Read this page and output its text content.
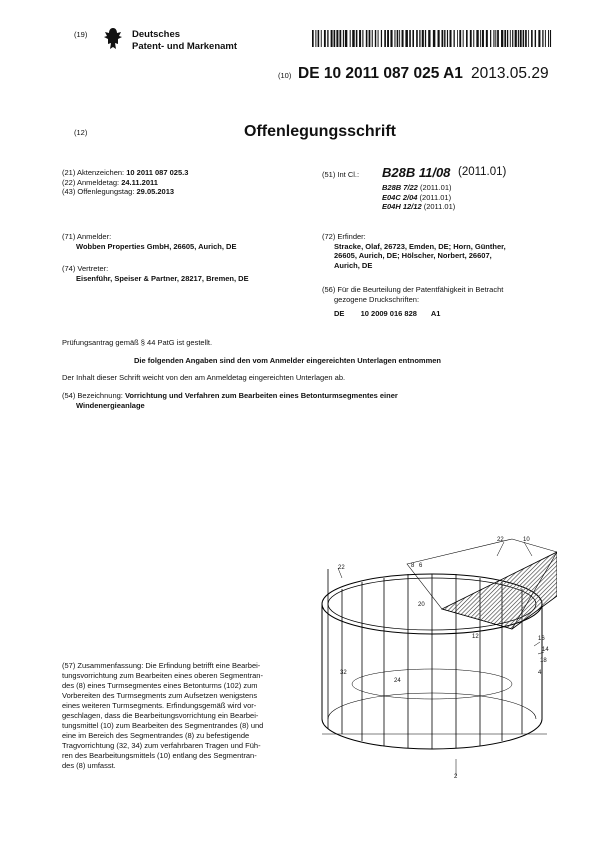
(19)	Deutsches
Patent- und Markenamt
(10) DE 10 2011 087 025 A1 2013.05.29
(12)	Offenlegungsschrift
(21) Aktenzeichen: 10 2011 087 025.3
(22) Anmeldetag: 24.11.2011
(43) Offenlegungstag: 29.05.2013
(51) Int Cl.: B28B 11/08 (2011.01)
B28B 7/22 (2011.01)
E04C 2/04 (2011.01)
E04H 12/12 (2011.01)
(71) Anmelder:
Wobben Properties GmbH, 26605, Aurich, DE
(74) Vertreter:
Eisenführ, Speiser & Partner, 28217, Bremen, DE
(72) Erfinder:
Stracke, Olaf, 26723, Emden, DE; Horn, Günther,
26605, Aurich, DE; Hölscher, Norbert, 26607,
Aurich, DE
(56) Für die Beurteilung der Patentfähigkeit in Betracht
gezogene Druckschriften:
DE 10 2009 016 828 A1
Prüfungsantrag gemäß § 44 PatG ist gestellt.
Die folgenden Angaben sind den vom Anmelder eingereichten Unterlagen entnommen
Der Inhalt dieser Schrift weicht von den am Anmeldetag eingereichten Unterlagen ab.
(54) Bezeichnung: Vorrichtung und Verfahren zum Bearbeiten eines Betonturmsegmentes einer
Windenergieanlage
(57) Zusammenfassung: Die Erfindung betrifft eine Bearbei-
tungsvorrichtung zum Bearbeiten eines oberen Segmentran-
des (8) eines Turmsegmentes eines Betonturms (102) zum
Vorbereiten des Turmsegments zum Aufsetzen wenigstens
eines weiteren Turmsegments. Erfindungsgemäß wird vor-
geschlagen, dass die Bearbeitungsvorrichtung ein Bearbei-
tungsmittel (10) zum Bearbeiten des Segmentrandes (8) und
eine im Bereich des Segmentrandes (8) zu befestigende
Tragvorrichtung (32, 34) zum verfahrbaren Tragen und Füh-
ren des Bearbeitungsmittels (10) entlang des Segmentran-
des (8) umfasst.
22	10
22	8 6
20
12	16
14
18
24
32	4
2
